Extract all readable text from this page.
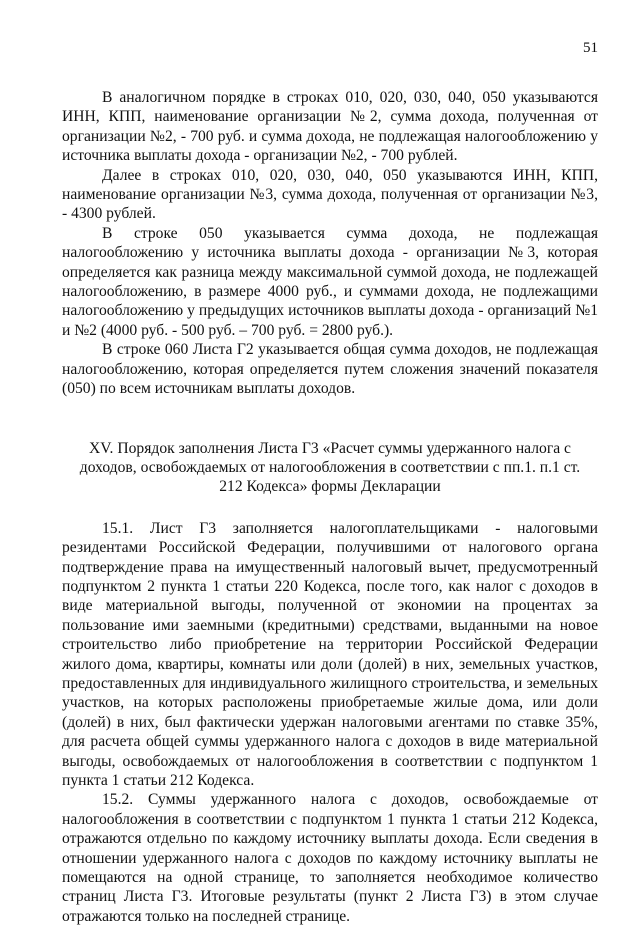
51

В аналогичном порядке в строках 010, 020, 030, 040, 050 указываются ИНН, КПП, наименование организации №2, сумма дохода, полученная от организации №2, - 700 руб. и сумма дохода, не подлежащая налогообложению у источника выплаты дохода - организации №2, - 700 рублей.

Далее в строках 010, 020, 030, 040, 050 указываются ИНН, КПП, наименование организации №3, сумма дохода, полученная от организации №3, - 4300 рублей.

В строке 050 указывается сумма дохода, не подлежащая налогообложению у источника выплаты дохода - организации №3, которая определяется как разница между максимальной суммой дохода, не подлежащей налогообложению, в размере 4000 руб., и суммами дохода, не подлежащими налогообложению у предыдущих источников выплаты дохода - организаций №1 и №2 (4000 руб. - 500 руб. – 700 руб. = 2800 руб.).

В строке 060 Листа Г2 указывается общая сумма доходов, не подлежащая налогообложению, которая определяется путем сложения значений показателя (050) по всем источникам выплаты доходов.

XV. Порядок заполнения Листа Г3 «Расчет суммы удержанного налога с доходов, освобождаемых от налогообложения в соответствии с пп.1. п.1 ст. 212 Кодекса» формы Декларации

15.1. Лист Г3 заполняется налогоплательщиками - налоговыми резидентами Российской Федерации, получившими от налогового органа подтверждение права на имущественный налоговый вычет, предусмотренный подпунктом 2 пункта 1 статьи 220 Кодекса, после того, как налог с доходов в виде материальной выгоды, полученной от экономии на процентах за пользование ими заемными (кредитными) средствами, выданными на новое строительство либо приобретение на территории Российской Федерации жилого дома, квартиры, комнаты или доли (долей) в них, земельных участков, предоставленных для индивидуального жилищного строительства, и земельных участков, на которых расположены приобретаемые жилые дома, или доли (долей) в них, был фактически удержан налоговыми агентами по ставке 35%, для расчета общей суммы удержанного налога с доходов в виде материальной выгоды, освобождаемых от налогообложения в соответствии с подпунктом 1 пункта 1 статьи 212 Кодекса.

15.2. Суммы удержанного налога с доходов, освобождаемые от налогообложения в соответствии с подпунктом 1 пункта 1 статьи 212 Кодекса, отражаются отдельно по каждому источнику выплаты дохода. Если сведения в отношении удержанного налога с доходов по каждому источнику выплаты не помещаются на одной странице, то заполняется необходимое количество страниц Листа Г3. Итоговые результаты (пункт 2 Листа Г3) в этом случае отражаются только на последней странице.
